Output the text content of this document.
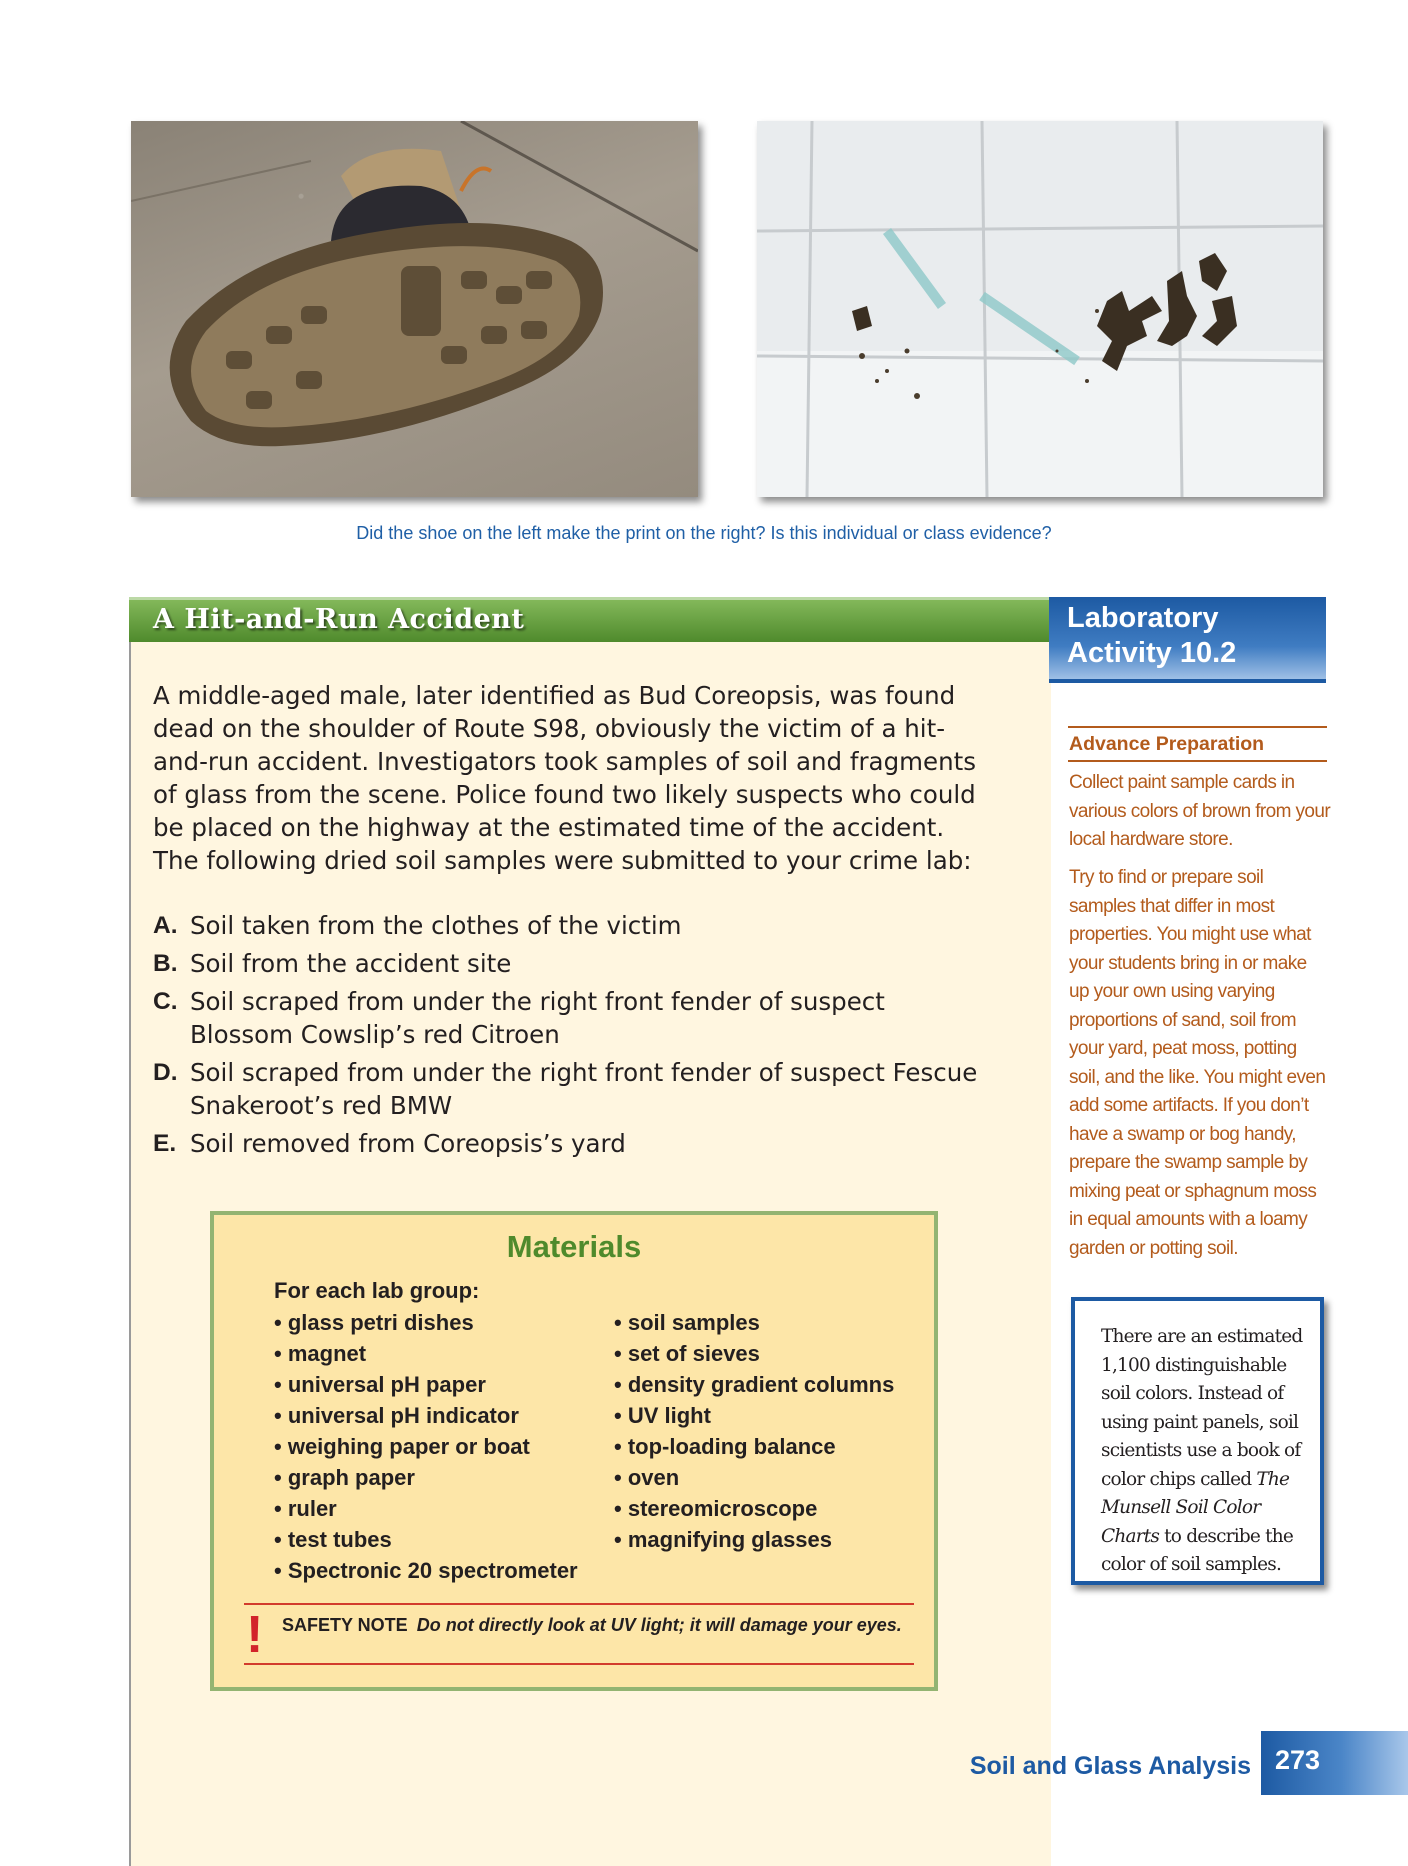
Did the shoe on the left make the print on the right? Is this individual or class evidence?
A Hit-and-Run Accident

A middle-aged male, later identified as Bud Coreopsis, was found dead on the shoulder of Route S98, obviously the victim of a hit-and-run accident. Investigators took samples of soil and fragments of glass from the scene. Police found two likely suspects who could be placed on the highway at the estimated time of the accident. The following dried soil samples were submitted to your crime lab:

A. Soil taken from the clothes of the victim
B. Soil from the accident site
C. Soil scraped from under the right front fender of suspect Blossom Cowslip’s red Citroen
D. Soil scraped from under the right front fender of suspect Fescue Snakeroot’s red BMW
E. Soil removed from Coreopsis’s yard
Materials
For each lab group:
• glass petri dishes
• magnet
• universal pH paper
• universal pH indicator
• weighing paper or boat
• graph paper
• ruler
• test tubes
• Spectronic 20 spectrometer
• soil samples
• set of sieves
• density gradient columns
• UV light
• top-loading balance
• oven
• stereomicroscope
• magnifying glasses
! SAFETY NOTE Do not directly look at UV light; it will damage your eyes.
Laboratory
Activity 10.2
Advance Preparation

Collect paint sample cards in various colors of brown from your local hardware store.

Try to find or prepare soil samples that differ in most properties. You might use what your students bring in or make up your own using varying proportions of sand, soil from your yard, peat moss, potting soil, and the like. You might even add some artifacts. If you don’t have a swamp or bog handy, prepare the swamp sample by mixing peat or sphagnum moss in equal amounts with a loamy garden or potting soil.

There are an estimated 1,100 distinguishable soil colors. Instead of using paint panels, soil scientists use a book of color chips called The Munsell Soil Color Charts to describe the color of soil samples.

Soil and Glass Analysis 273
